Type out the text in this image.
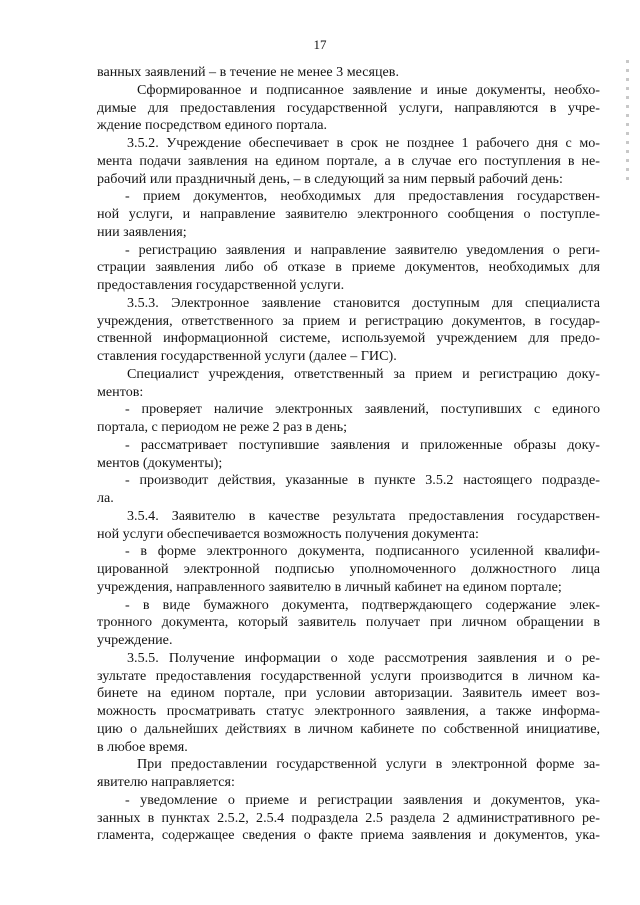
17

ванных заявлений – в течение не менее 3 месяцев.

Сформированное и подписанное заявление и иные документы, необхо-

димые для предоставления государственной услуги, направляются в учре-

ждение посредством единого портала.

3.5.2. Учреждение обеспечивает в срок не позднее 1 рабочего дня с мо-

мента подачи заявления на едином портале, а в случае его поступления в не-

рабочий или праздничный день, – в следующий за ним первый рабочий день:

- прием документов, необходимых для предоставления государствен-

ной услуги, и направление заявителю электронного сообщения о поступле-

нии заявления;

- регистрацию заявления и направление заявителю уведомления о реги-

страции заявления либо об отказе в приеме документов, необходимых для

предоставления государственной услуги.

3.5.3. Электронное заявление становится доступным для специалиста

учреждения, ответственного за прием и регистрацию документов, в государ-

ственной информационной системе, используемой учреждением для предо-

ставления государственной услуги (далее – ГИС).

Специалист учреждения, ответственный за прием и регистрацию доку-

ментов:

- проверяет наличие электронных заявлений, поступивших с единого

портала, с периодом не реже 2 раз в день;

- рассматривает поступившие заявления и приложенные образы доку-

ментов (документы);

- производит действия, указанные в пункте 3.5.2 настоящего подразде-

ла.

3.5.4. Заявителю в качестве результата предоставления государствен-

ной услуги обеспечивается возможность получения документа:

- в форме электронного документа, подписанного усиленной квалифи-

цированной электронной подписью уполномоченного должностного лица

учреждения, направленного заявителю в личный кабинет на едином портале;

- в виде бумажного документа, подтверждающего содержание элек-

тронного документа, который заявитель получает при личном обращении в

учреждение.

3.5.5. Получение информации о ходе рассмотрения заявления и о ре-

зультате предоставления государственной услуги производится в личном ка-

бинете на едином портале, при условии авторизации. Заявитель имеет воз-

можность просматривать статус электронного заявления, а также информа-

цию о дальнейших действиях в личном кабинете по собственной инициативе,

в любое время.

При предоставлении государственной услуги в электронной форме за-

явителю направляется:

- уведомление о приеме и регистрации заявления и документов, ука-

занных в пунктах 2.5.2, 2.5.4 подраздела 2.5 раздела 2 административного ре-

гламента, содержащее сведения о факте приема заявления и документов, ука-
